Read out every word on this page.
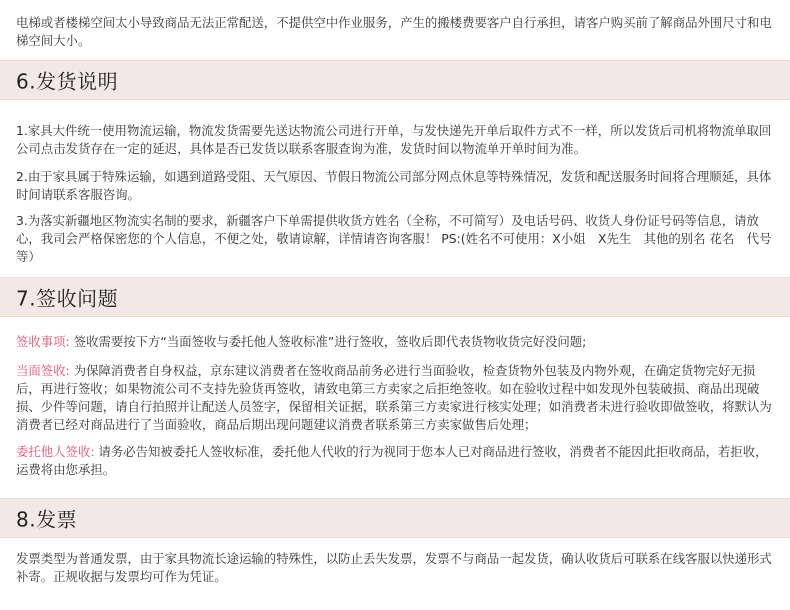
电梯或者楼梯空间太小导致商品无法正常配送，不提供空中作业服务，产生的搬楼费要客户自行承担，请客户购买前了解商品外围尺寸和电梯空间大小。

6.发货说明

1.家具大件统一使用物流运输，物流发货需要先送达物流公司进行开单，与发快递先开单后取件方式不一样，所以发货后司机将物流单取回公司点击发货存在一定的延迟，具体是否已发货以联系客服查询为准，发货时间以物流单开单时间为准。

2.由于家具属于特殊运输，如遇到道路受阻、天气原因、节假日物流公司部分网点休息等特殊情况，发货和配送服务时间将合理顺延，具体时间请联系客服咨询。

3.为落实新疆地区物流实名制的要求，新疆客户下单需提供收货方姓名（全称，不可简写）及电话号码、收货人身份证号码等信息，请放心，我司会严格保密您的个人信息，不便之处，敬请谅解，详情请咨询客服！ PS:(姓名不可使用：X小姐　X先生　其他的别名 花名　代号等）

7.签收问题

签收事项: 签收需要按下方“当面签收与委托他人签收标准”进行签收，签收后即代表货物收货完好没问题;

当面签收: 为保障消费者自身权益，京东建议消费者在签收商品前务必进行当面验收，检查货物外包装及内物外观，在确定货物完好无损后，再进行签收；如果物流公司不支持先验货再签收，请致电第三方卖家之后拒绝签收。如在验收过程中如发现外包装破损、商品出现破损、少件等问题，请自行拍照并让配送人员签字，保留相关证据，联系第三方卖家进行核实处理；如消费者未进行验收即做签收，将默认为消费者已经对商品进行了当面验收，商品后期出现问题建议消费者联系第三方卖家做售后处理；

委托他人签收: 请务必告知被委托人签收标准，委托他人代收的行为视同于您本人已对商品进行签收，消费者不能因此拒收商品，若拒收，运费将由您承担。

8.发票

发票类型为普通发票，由于家具物流长途运输的特殊性，以防止丢失发票，发票不与商品一起发货，确认收货后可联系在线客服以快递形式补寄。正规收据与发票均可作为凭证。
